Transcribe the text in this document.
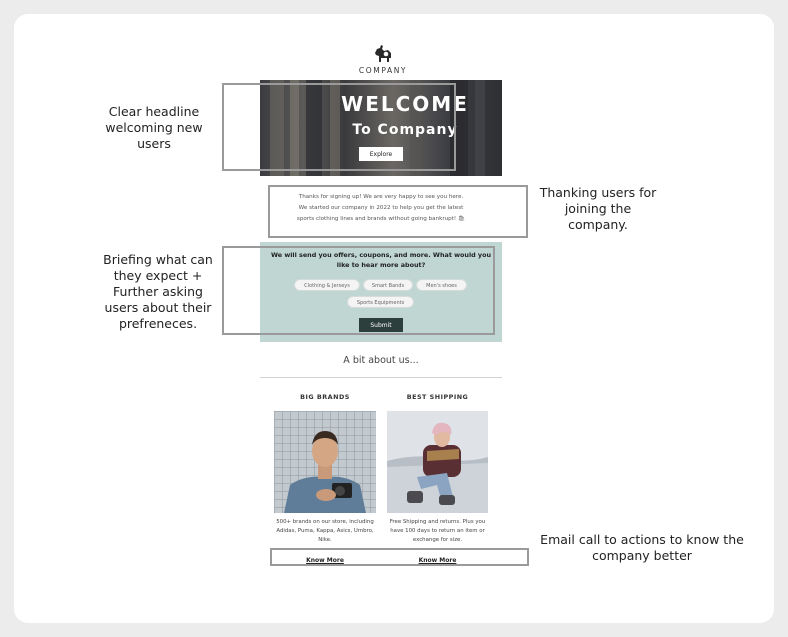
COMPANY
WELCOME
To Company
Explore
Thanks for signing up! We are very happy to see you here.
We started our company in 2022 to help you get the latest
sports clothing lines and brands without going bankrupt! 🛍
We will send you offers, coupons, and more. What would you
like to hear more about?
Clothing & Jerseys	Smart Bands	Men's shoes
Sports Equipments
Submit
A bit about us...
BIG BRANDS
500+ brands on our store, including
Adidas, Puma, Kappa, Asics, Umbro,
Nike.
Know More
BEST SHIPPING
Free Shipping and returns. Plus you
have 100 days to return an item or
exchange for size.
Know More
Clear headline
welcoming new
users
Thanking users for
joining the
company.
Briefing what can
they expect +
Further asking
users about their
prefreneces.
Email call to actions to know the
company better
